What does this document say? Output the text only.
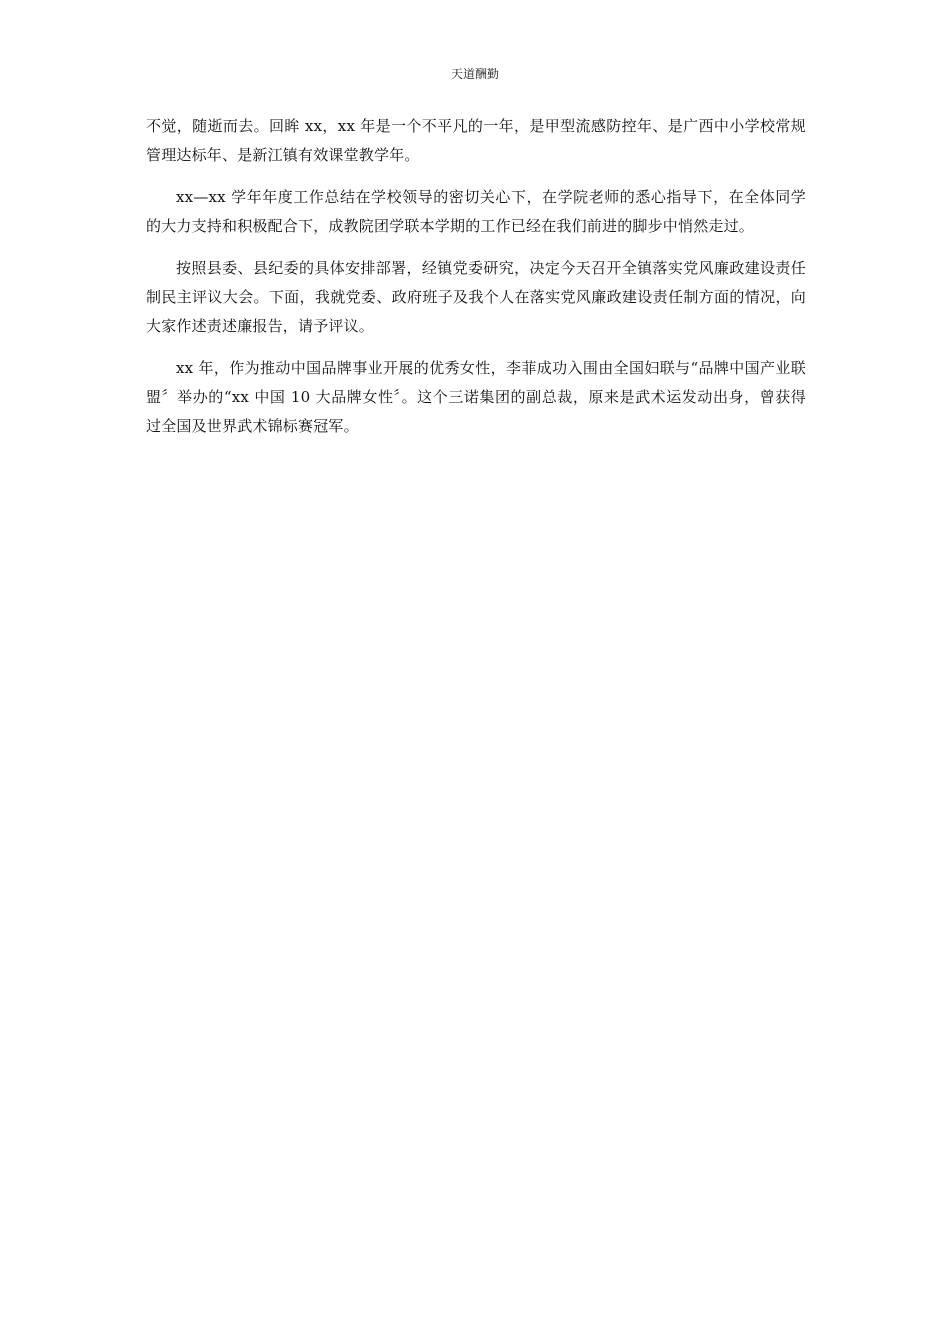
天道酬勤

不觉，随逝而去。回眸 xx，xx 年是一个不平凡的一年，是甲型流感防控年、是广西中小学校常规管理达标年、是新江镇有效课堂教学年。

xx—xx 学年年度工作总结在学校领导的密切关心下，在学院老师的悉心指导下，在全体同学的大力支持和积极配合下，成教院团学联本学期的工作已经在我们前进的脚步中悄然走过。

按照县委、县纪委的具体安排部署，经镇党委研究，决定今天召开全镇落实党风廉政建设责任制民主评议大会。下面，我就党委、政府班子及我个人在落实党风廉政建设责任制方面的情况，向大家作述责述廉报告，请予评议。

xx 年，作为推动中国品牌事业开展的优秀女性，李菲成功入围由全国妇联与“品牌中国产业联盟〞举办的“xx 中国 10 大品牌女性〞。这个三诺集团的副总裁，原来是武术运发动出身，曾获得过全国及世界武术锦标赛冠军。
